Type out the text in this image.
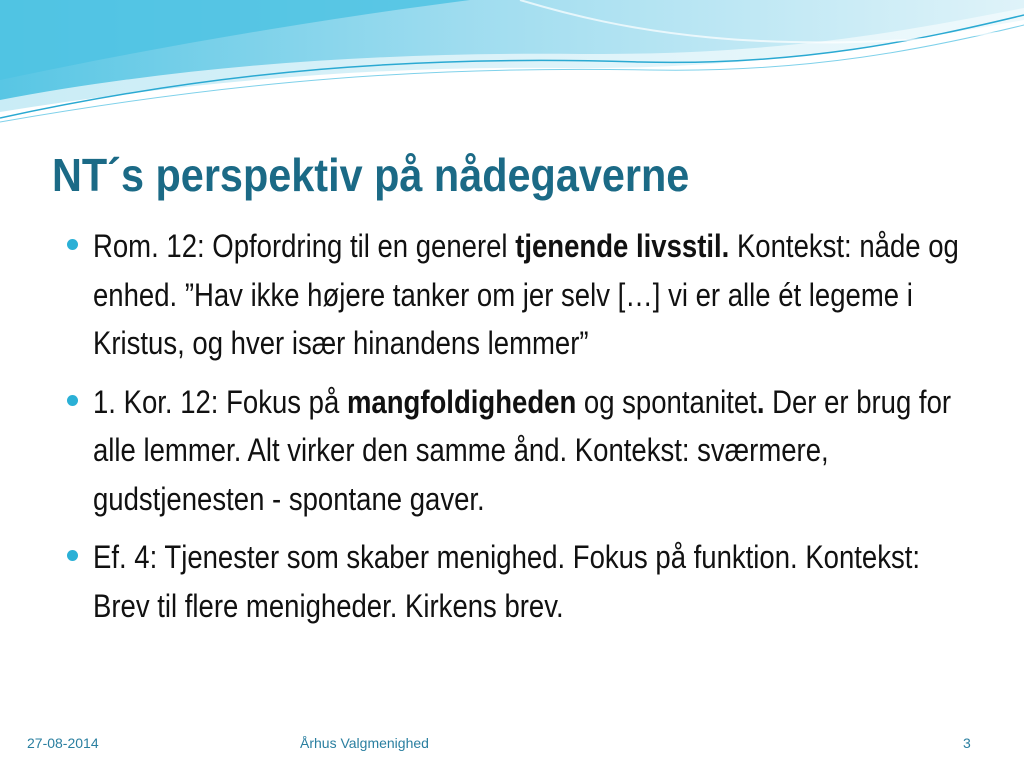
NT´s perspektiv på nådegaverne
Rom. 12: Opfordring til en generel tjenende livsstil. Kontekst: nåde og enhed. ”Hav ikke højere tanker om jer selv […] vi er alle ét legeme i Kristus, og hver især hinandens lemmer”
1. Kor. 12: Fokus på mangfoldigheden og spontanitet. Der er brug for alle lemmer. Alt virker den samme ånd. Kontekst: sværmere, gudstjenesten - spontane gaver.
Ef. 4: Tjenester som skaber menighed. Fokus på funktion. Kontekst: Brev til flere menigheder. Kirkens brev.
27-08-2014	Århus Valgmenighed	3
